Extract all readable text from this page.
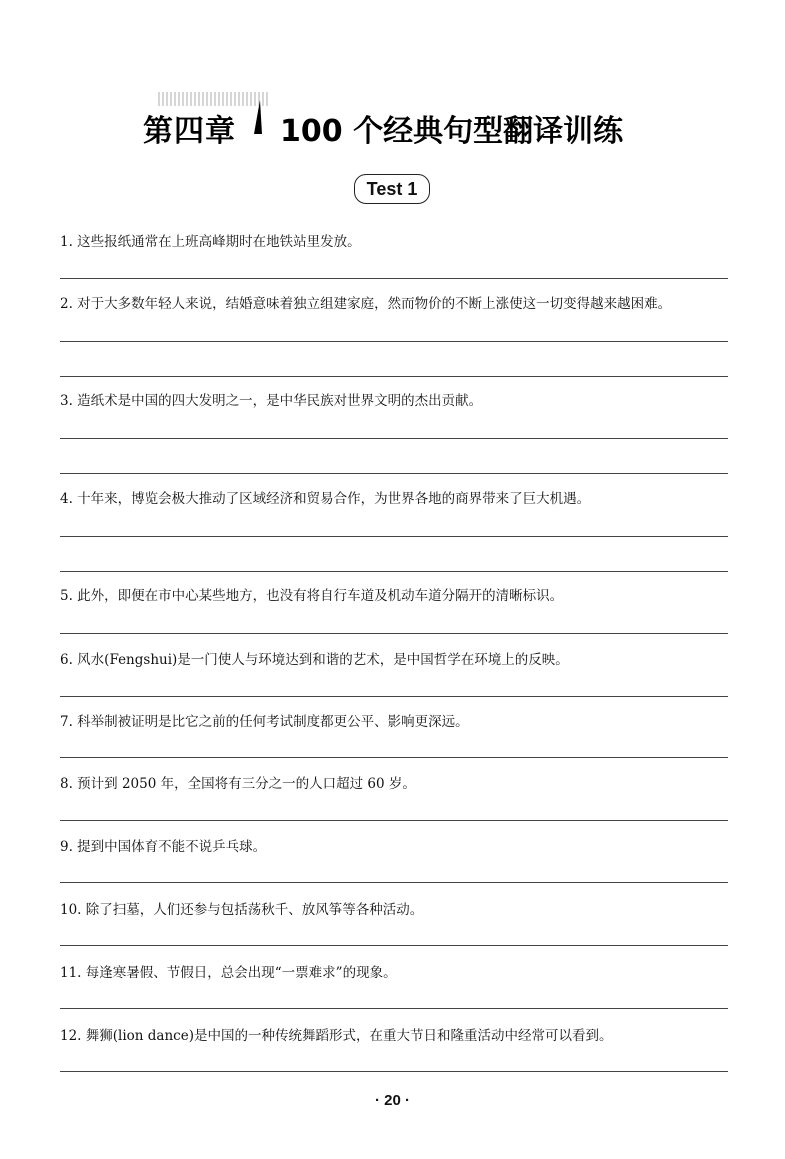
第四章 100 个经典句型翻译训练
Test 1
1. 这些报纸通常在上班高峰期时在地铁站里发放。
2. 对于大多数年轻人来说，结婚意味着独立组建家庭，然而物价的不断上涨使这一切变得越来越困难。
3. 造纸术是中国的四大发明之一，是中华民族对世界文明的杰出贡献。
4. 十年来，博览会极大推动了区域经济和贸易合作，为世界各地的商界带来了巨大机遇。
5. 此外，即便在市中心某些地方，也没有将自行车道及机动车道分隔开的清晰标识。
6. 风水(Fengshui)是一门使人与环境达到和谐的艺术，是中国哲学在环境上的反映。
7. 科举制被证明是比它之前的任何考试制度都更公平、影响更深远。
8. 预计到 2050 年，全国将有三分之一的人口超过 60 岁。
9. 提到中国体育不能不说乒乓球。
10. 除了扫墓，人们还参与包括荡秋千、放风筝等各种活动。
11. 每逢寒暑假、节假日，总会出现“一票难求”的现象。
12. 舞狮(lion dance)是中国的一种传统舞蹈形式，在重大节日和隆重活动中经常可以看到。
· 20 ·
